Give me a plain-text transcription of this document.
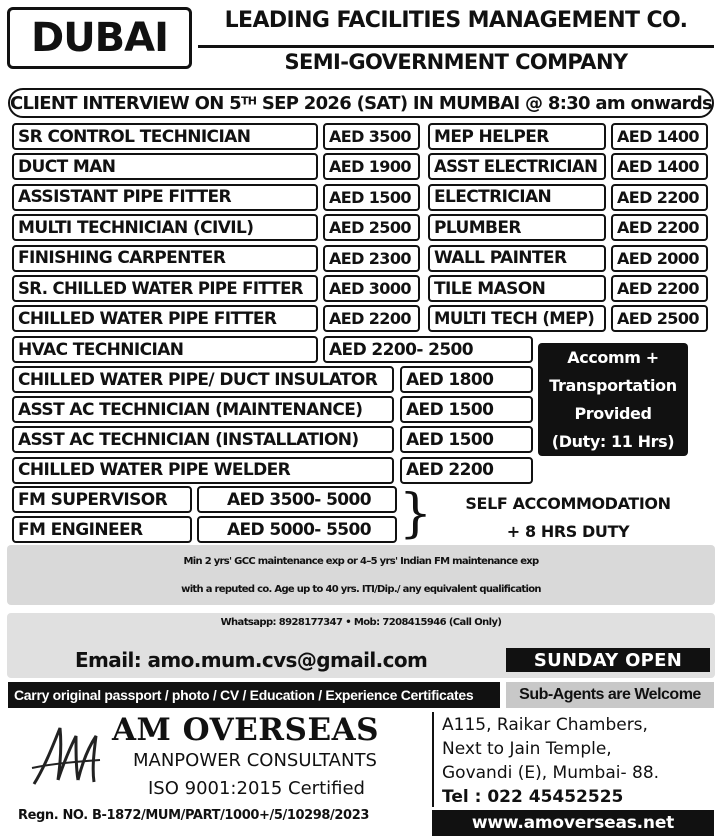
DUBAI	LEADING FACILITIES MANAGEMENT CO.
SEMI-GOVERNMENT COMPANY
CLIENT INTERVIEW ON 5TH SEP 2026 (SAT) IN MUMBAI @ 8:30 am onwards
SR CONTROL TECHNICIAN	AED 3500 MEP HELPER	AED 1400
DUCT MAN	AED 1900 ASST ELECTRICIAN AED 1400
ASSISTANT PIPE FITTER	AED 1500 ELECTRICIAN	AED 2200
MULTI TECHNICIAN (CIVIL)	AED 2500 PLUMBER	AED 2200
FINISHING CARPENTER	AED 2300 WALL PAINTER	AED 2000
SR. CHILLED WATER PIPE FITTER AED 3000 TILE MASON	AED 2200
CHILLED WATER PIPE FITTER	AED 2200 MULTI TECH (MEP) AED 2500
HVAC TECHNICIAN	AED 2200- 2500
CHILLED WATER PIPE/ DUCT INSULATOR AED 1800
ASST AC TECHNICIAN (MAINTENANCE)	AED 1500
ASST AC TECHNICIAN (INSTALLATION)	AED 1500
CHILLED WATER PIPE WELDER	AED 2200
Accomm +
Transportation
Provided
(Duty: 11 Hrs)
FM SUPERVISOR	AED 3500- 5000
FM ENGINEER	AED 5000- 5500 }	SELF ACCOMMODATION
+ 8 HRS DUTY
Min 2 yrs' GCC maintenance exp or 4–5 yrs' Indian FM maintenance exp
with a reputed co. Age up to 40 yrs. ITI/Dip./ any equivalent qualification
Whatsapp: 8928177347 • Mob: 7208415946 (Call Only)
Email: amo.mum.cvs@gmail.com	SUNDAY OPEN
Carry original passport / photo / CV / Education / Experience Certificates	Sub-Agents are Welcome
AM OVERSEAS
MANPOWER CONSULTANTS
ISO 9001:2015 Certified
Regn. NO. B-1872/MUM/PART/1000+/5/10298/2023
A115, Raikar Chambers,
Next to Jain Temple,
Govandi (E), Mumbai- 88.
Tel : 022 45452525
www.amoverseas.net
